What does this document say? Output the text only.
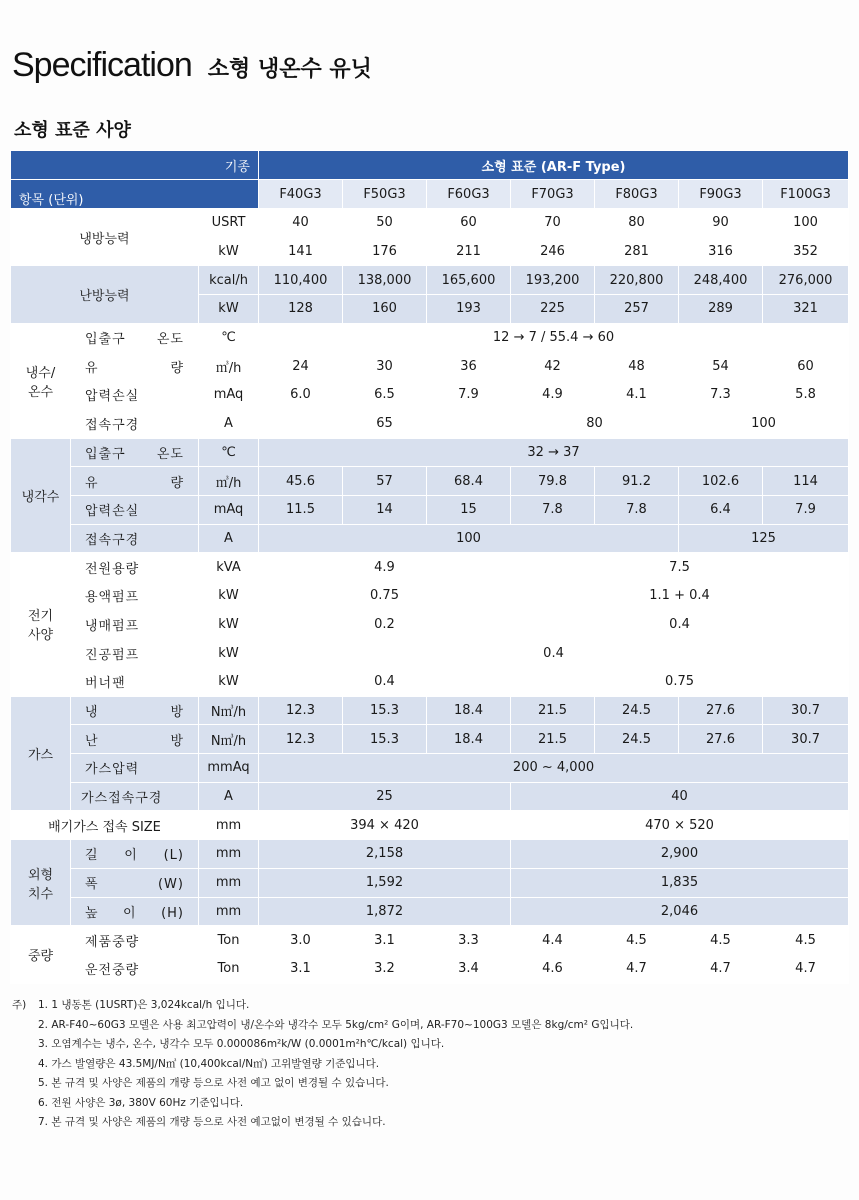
Specification 소형 냉온수 유닛
소형 표준 사양
기종			소형 표준 (AR-F Type)						
항목 (단위)			F40G3	F50G3	F60G3	F70G3	F80G3	F90G3	F100G3
냉방능력		USRT	40	50	60	70	80	90	100
		kW	141	176	211	246	281	316	352
난방능력		kcal/h	110,400	138,000	165,600	193,200	220,800	248,400	276,000
		kW	128	160	193	225	257	289	321
냉수/
온수	입출구 온도	℃	12 → 7 / 55.4 → 60						
	유 량	㎥/h	24	30	36	42	48	54	60
	압력손실	mAq	6.0	6.5	7.9	4.9	4.1	7.3	5.8
	접속구경	A	65			80		100	
냉각수	입출구 온도	℃	32 → 37						
	유 량	㎥/h	45.6	57	68.4	79.8	91.2	102.6	114
	압력손실	mAq	11.5	14	15	7.8	7.8	6.4	7.9
	접속구경	A	100					125	
전기
사양	전원용량	kVA	4.9			7.5			
	용액펌프	kW	0.75			1.1 + 0.4			
	냉매펌프	kW	0.2			0.4			
	진공펌프	kW	0.4						
	버너팬	kW	0.4			0.75			
가스	냉 방	N㎥/h	12.3	15.3	18.4	21.5	24.5	27.6	30.7
	난 방	N㎥/h	12.3	15.3	18.4	21.5	24.5	27.6	30.7
	가스압력	mmAq	200 ~ 4,000						
	가스접속구경	A	25			40			
배기가스 접속 SIZE		mm	394 × 420			470 × 520			
외형
치수	길 이 (L)	mm	2,158			2,900			
	폭 (W)	mm	1,592			1,835			
	높 이 (H)	mm	1,872			2,046			
중량	제품중량	Ton	3.0	3.1	3.3	4.4	4.5	4.5	4.5
	운전중량	Ton	3.1	3.2	3.4	4.6	4.7	4.7	4.7
주)	1. 1 냉동톤 (1USRT)은 3,024kcal/h 입니다.
2. AR-F40~60G3 모델은 사용 최고압력이 냉/온수와 냉각수 모두 5kg/cm² G이며, AR-F70~100G3 모델은 8kg/cm² G입니다.
3. 오염계수는 냉수, 온수, 냉각수 모두 0.000086m²k/W (0.0001m²h℃/kcal) 입니다.
4. 가스 발열량은 43.5MJ/N㎥ (10,400kcal/N㎥) 고위발열량 기준입니다.
5. 본 규격 및 사양은 제품의 개량 등으로 사전 예고 없이 변경될 수 있습니다.
6. 전원 사양은 3ø, 380V 60Hz 기준입니다.
7. 본 규격 및 사양은 제품의 개량 등으로 사전 예고없이 변경될 수 있습니다.
